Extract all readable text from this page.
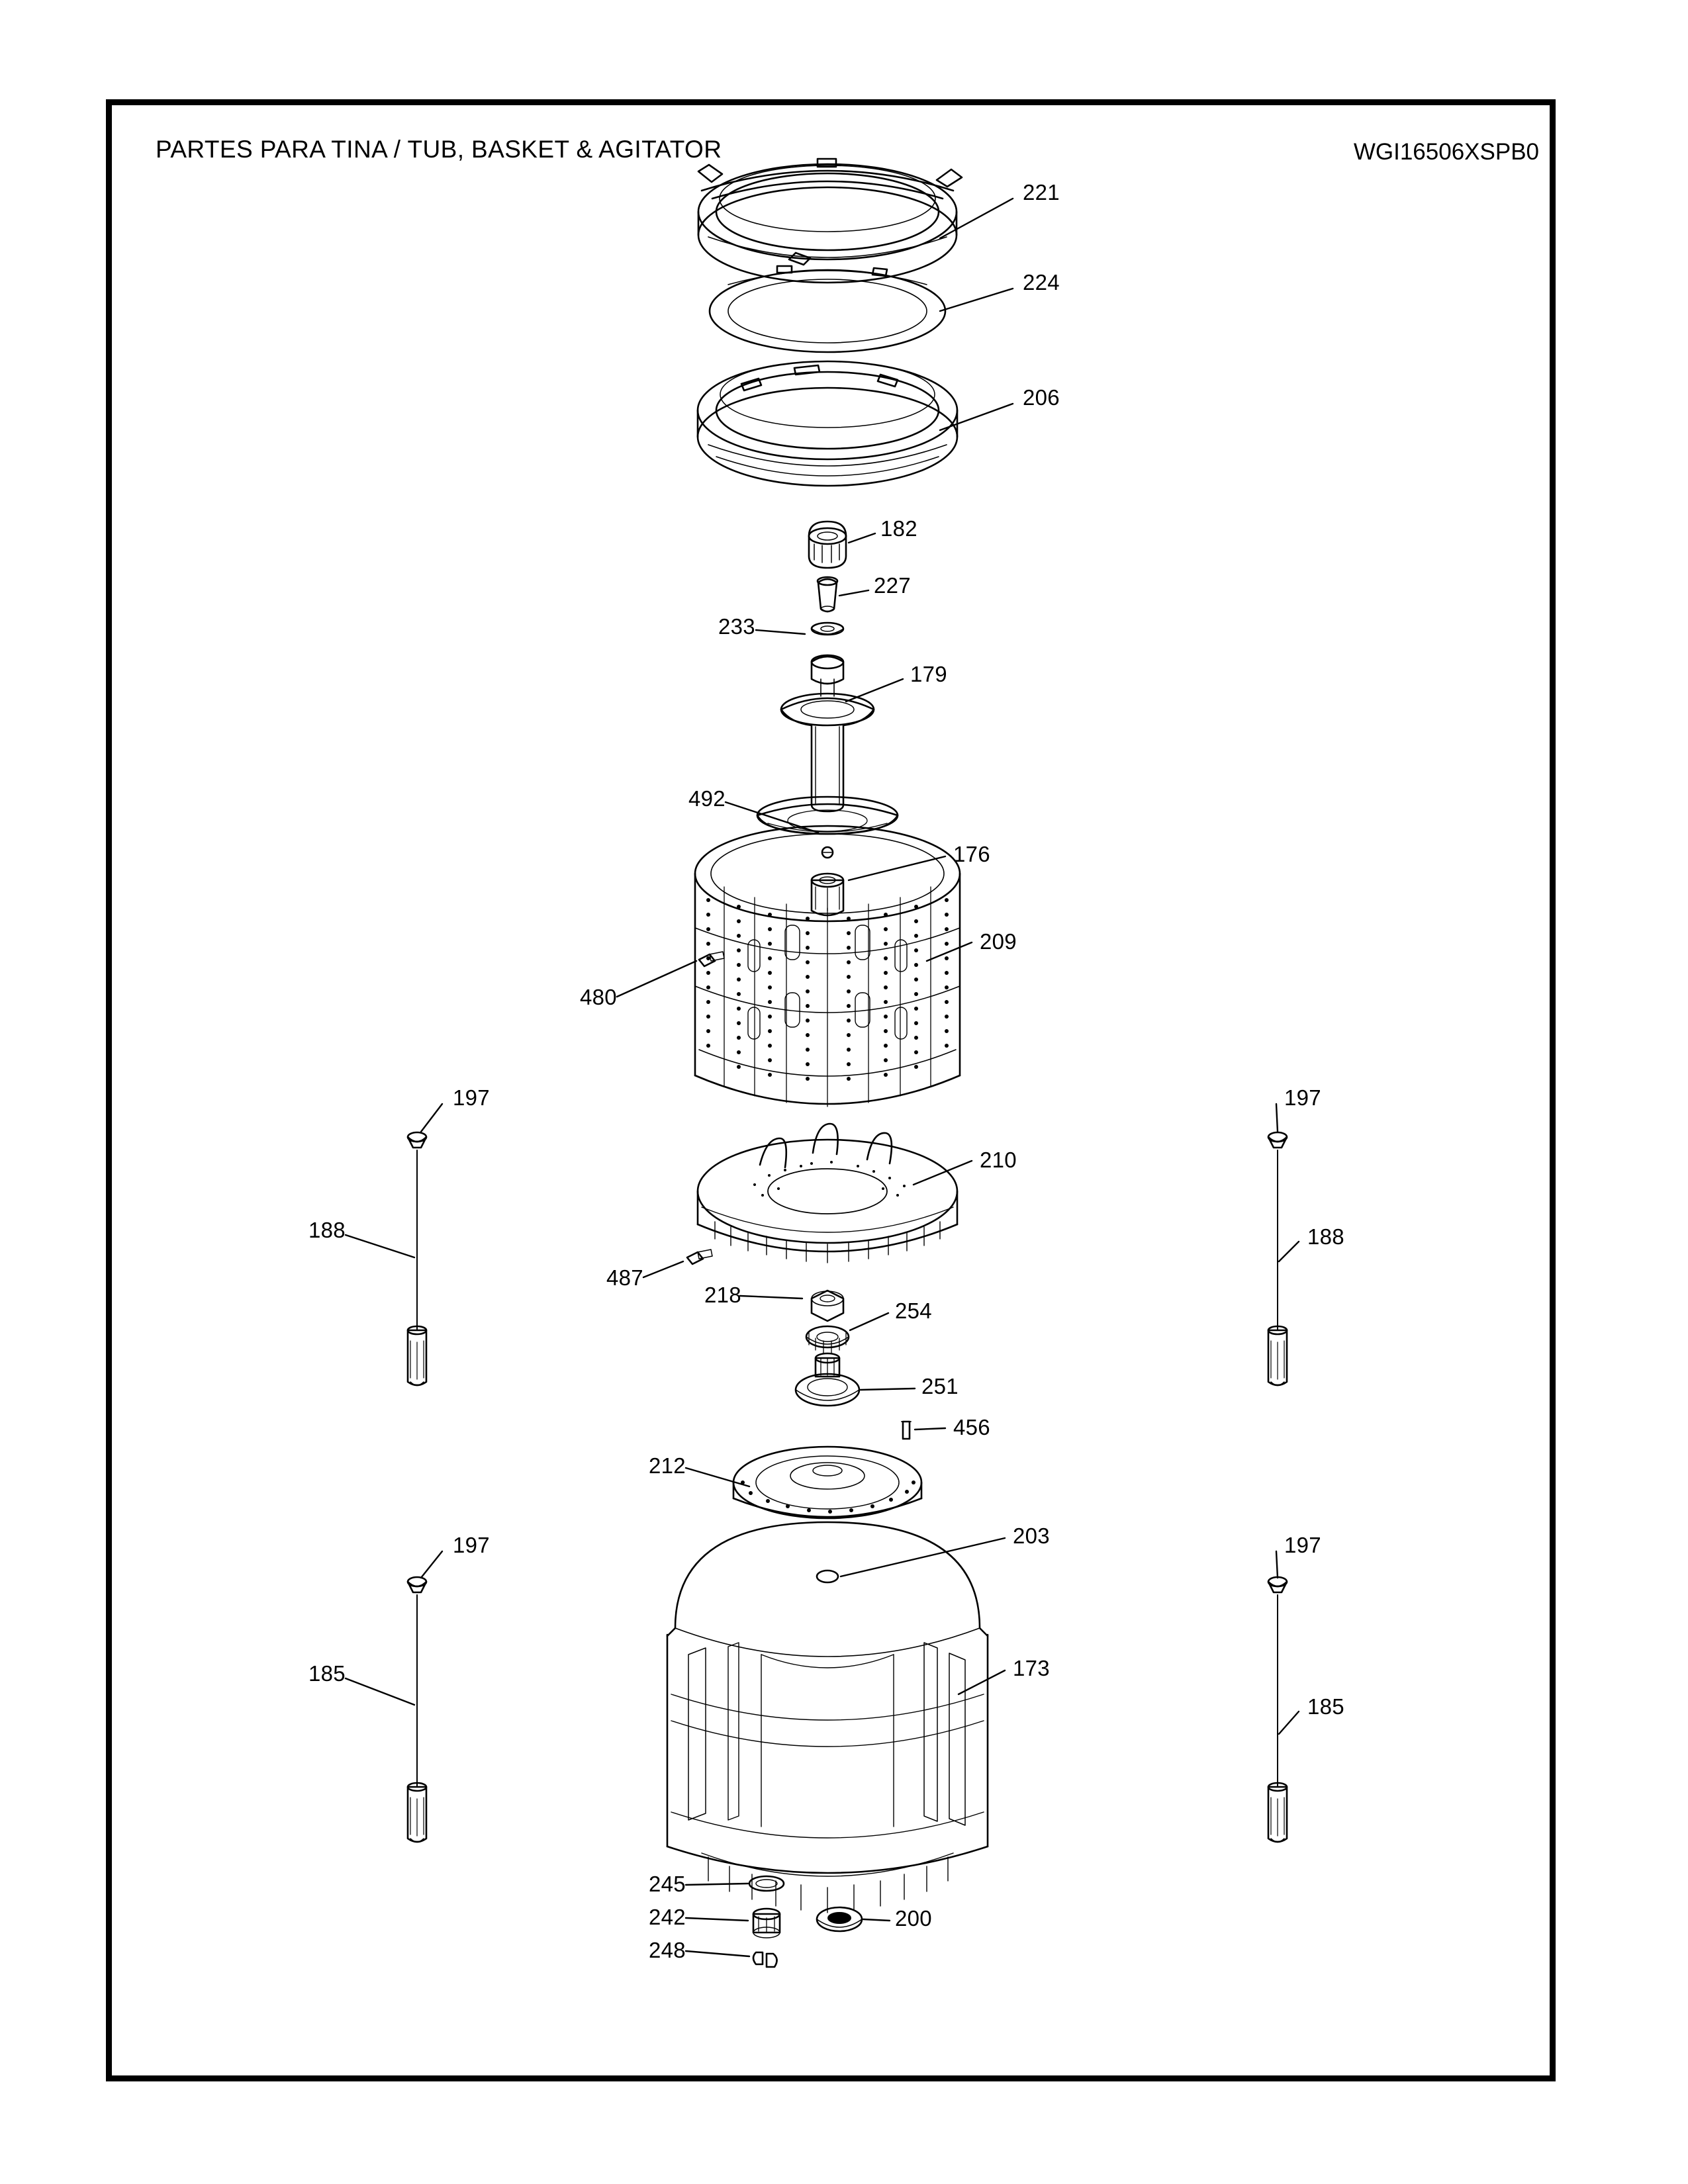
PARTES PARA TINA / TUB, BASKET & AGITATOR	WGI16506XSPB0
221
224
206
182
227
233
179
492
176
209
480
197	197
188	188
210
487
218
254
251
456
212
203
197	197
173
185
185
245
242	200
248
